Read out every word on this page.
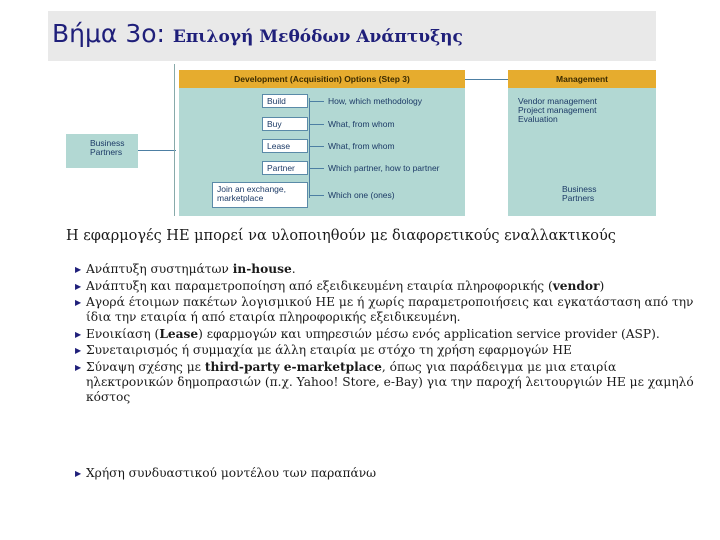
Βήμα 3ο: Επιλογή Μεθόδων Ανάπτυξης
Business Partners
Development (Acquisition) Options (Step 3)
Build	How, which methodology
Buy	What, from whom
Lease	What, from whom
Partner	Which partner, how to partner
Join an exchange, marketplace	Which one (ones)
Management
Vendor management
Project management
Evaluation
Business Partners
Η εφαρμογές ΗΕ μπορεί να υλοποιηθούν με διαφορετικούς εναλλακτικούς
▶ Ανάπτυξη συστημάτων in-house.
▶ Ανάπτυξη και παραμετροποίηση από εξειδικευμένη εταιρία πληροφορικής (vendor)
▶ Αγορά έτοιμων πακέτων λογισμικού ΗΕ με ή χωρίς παραμετροποιήσεις και εγκατάσταση από την ίδια την εταιρία ή από εταιρία πληροφορικής εξειδικευμένη.
▶ Ενοικίαση (Lease) εφαρμογών και υπηρεσιών μέσω ενός application service provider (ASP).
▶ Συνεταιρισμός ή συμμαχία με άλλη εταιρία με στόχο τη χρήση εφαρμογών ΗΕ
▶ Σύναψη σχέσης με third-party e-marketplace, όπως για παράδειγμα με μια εταιρία ηλεκτρονικών δημοπρασιών (π.χ. Yahoo! Store, e-Bay) για την παροχή λειτουργιών ΗΕ με χαμηλό κόστος
▶ Χρήση συνδυαστικού μοντέλου των παραπάνω
